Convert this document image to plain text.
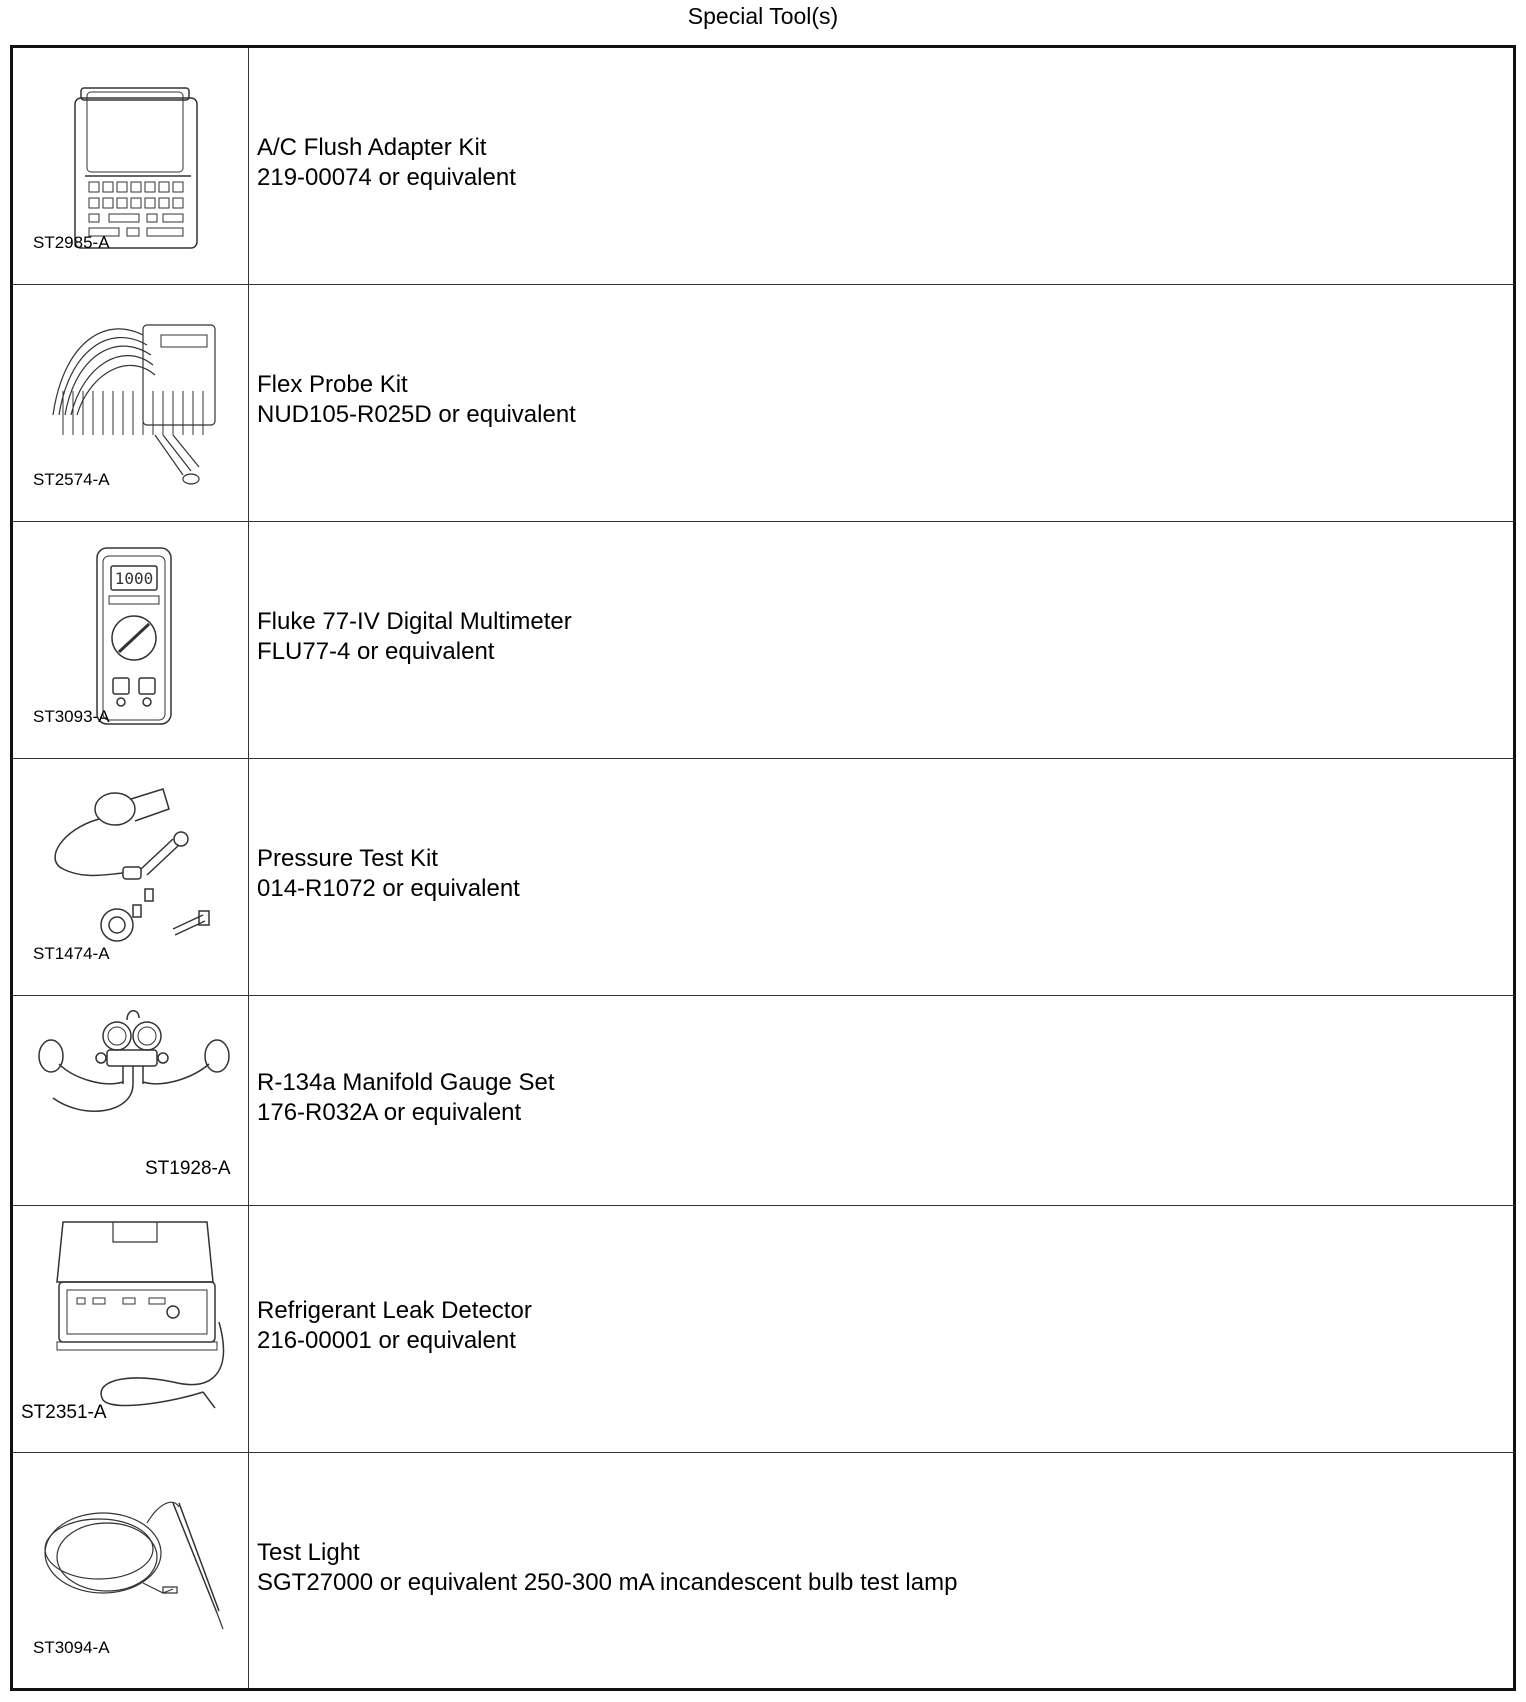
Special Tool(s)
ST2985-A
A/C Flush Adapter Kit
219-00074 or equivalent
ST2574-A
Flex Probe Kit
NUD105-R025D or equivalent
1000
ST3093-A
Fluke 77-IV Digital Multimeter
FLU77-4 or equivalent
ST1474-A
Pressure Test Kit
014-R1072 or equivalent
ST1928-A
R-134a Manifold Gauge Set
176-R032A or equivalent
ST2351-A
Refrigerant Leak Detector
216-00001 or equivalent
ST3094-A
Test Light
SGT27000 or equivalent 250-300 mA incandescent bulb test lamp
